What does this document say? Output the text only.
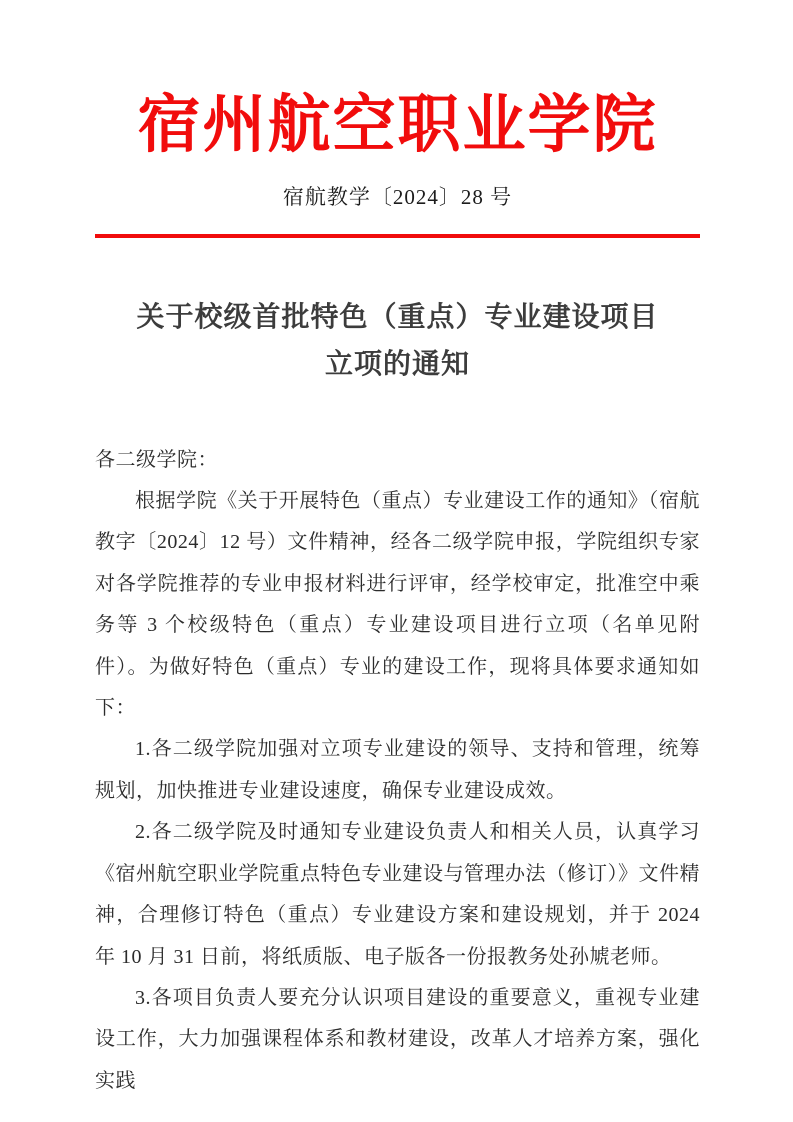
宿州航空职业学院
宿航教学〔2024〕28 号
关于校级首批特色（重点）专业建设项目
立项的通知

各二级学院：

根据学院《关于开展特色（重点）专业建设工作的通知》（宿航教字〔2024〕12 号）文件精神，经各二级学院申报，学院组织专家对各学院推荐的专业申报材料进行评审，经学校审定，批准空中乘务等 3 个校级特色（重点）专业建设项目进行立项（名单见附件）。为做好特色（重点）专业的建设工作，现将具体要求通知如下：

1.各二级学院加强对立项专业建设的领导、支持和管理，统筹规划，加快推进专业建设速度，确保专业建设成效。

2.各二级学院及时通知专业建设负责人和相关人员，认真学习《宿州航空职业学院重点特色专业建设与管理办法（修订）》文件精神，合理修订特色（重点）专业建设方案和建设规划，并于 2024 年 10 月 31 日前，将纸质版、电子版各一份报教务处孙虓老师。

3.各项目负责人要充分认识项目建设的重要意义，重视专业建设工作，大力加强课程体系和教材建设，改革人才培养方案，强化实践
